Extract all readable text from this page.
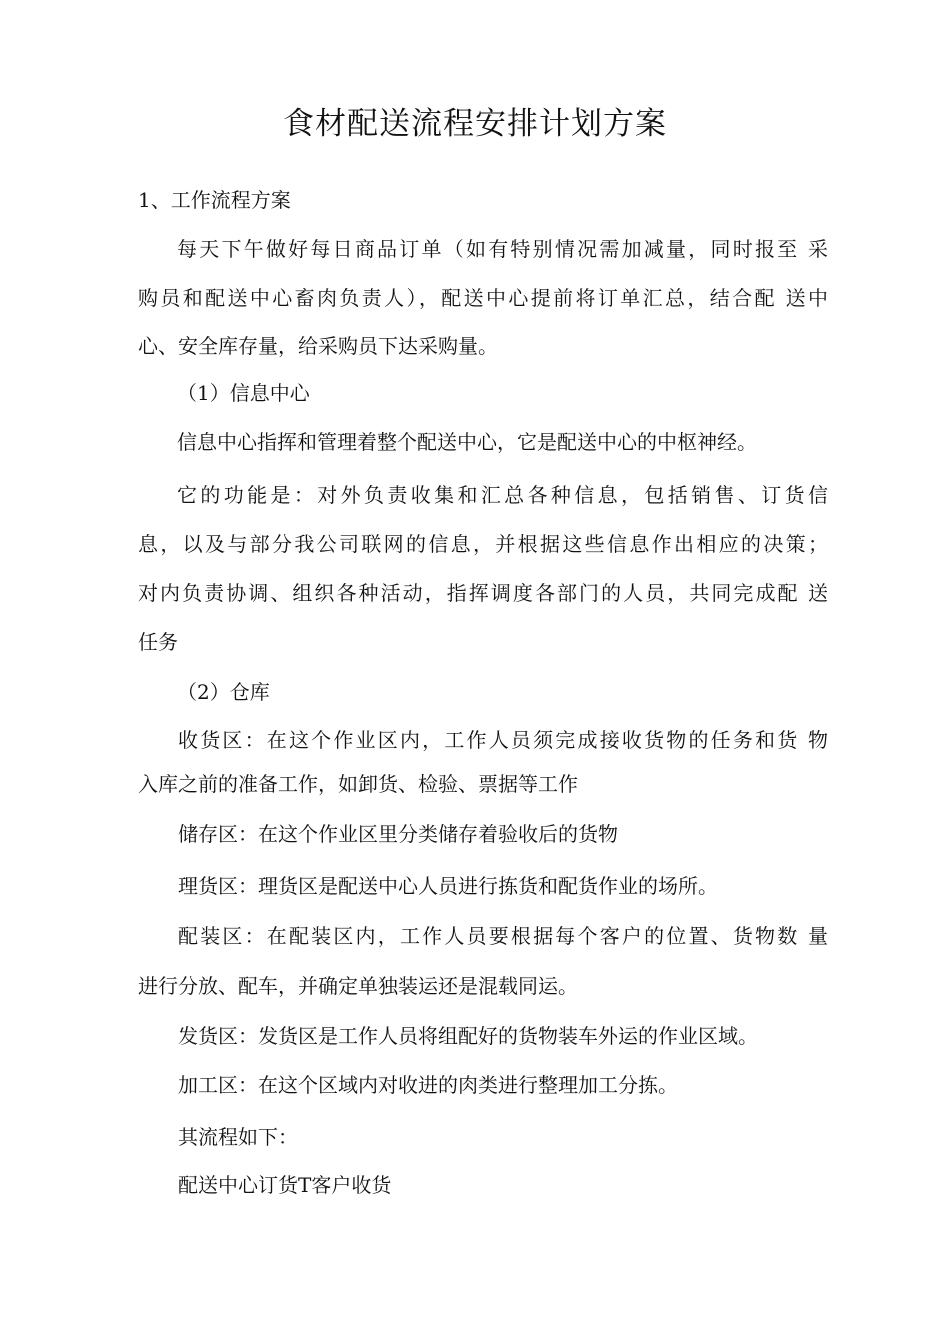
食材配送流程安排计划方案

1、工作流程方案

每天下午做好每日商品订单（如有特别情况需加减量，同时报至 采

购员和配送中心畜肉负责人），配送中心提前将订单汇总，结合配 送中

心、安全库存量，给采购员下达采购量。

（1）信息中心

信息中心指挥和管理着整个配送中心，它是配送中心的中枢神经。

它的功能是：对外负责收集和汇总各种信息，包括销售、订货信

息，以及与部分我公司联网的信息，并根据这些信息作出相应的决策；

对内负责协调、组织各种活动，指挥调度各部门的人员，共同完成配 送

任务

（2）仓库

收货区：在这个作业区内，工作人员须完成接收货物的任务和货 物

入库之前的准备工作，如卸货、检验、票据等工作

储存区：在这个作业区里分类储存着验收后的货物

理货区：理货区是配送中心人员进行拣货和配货作业的场所。

配装区：在配装区内，工作人员要根据每个客户的位置、货物数 量

进行分放、配车，并确定单独装运还是混载同运。

发货区：发货区是工作人员将组配好的货物装车外运的作业区域。

加工区：在这个区域内对收进的肉类进行整理加工分拣。

其流程如下：

配送中心订货T客户收货
